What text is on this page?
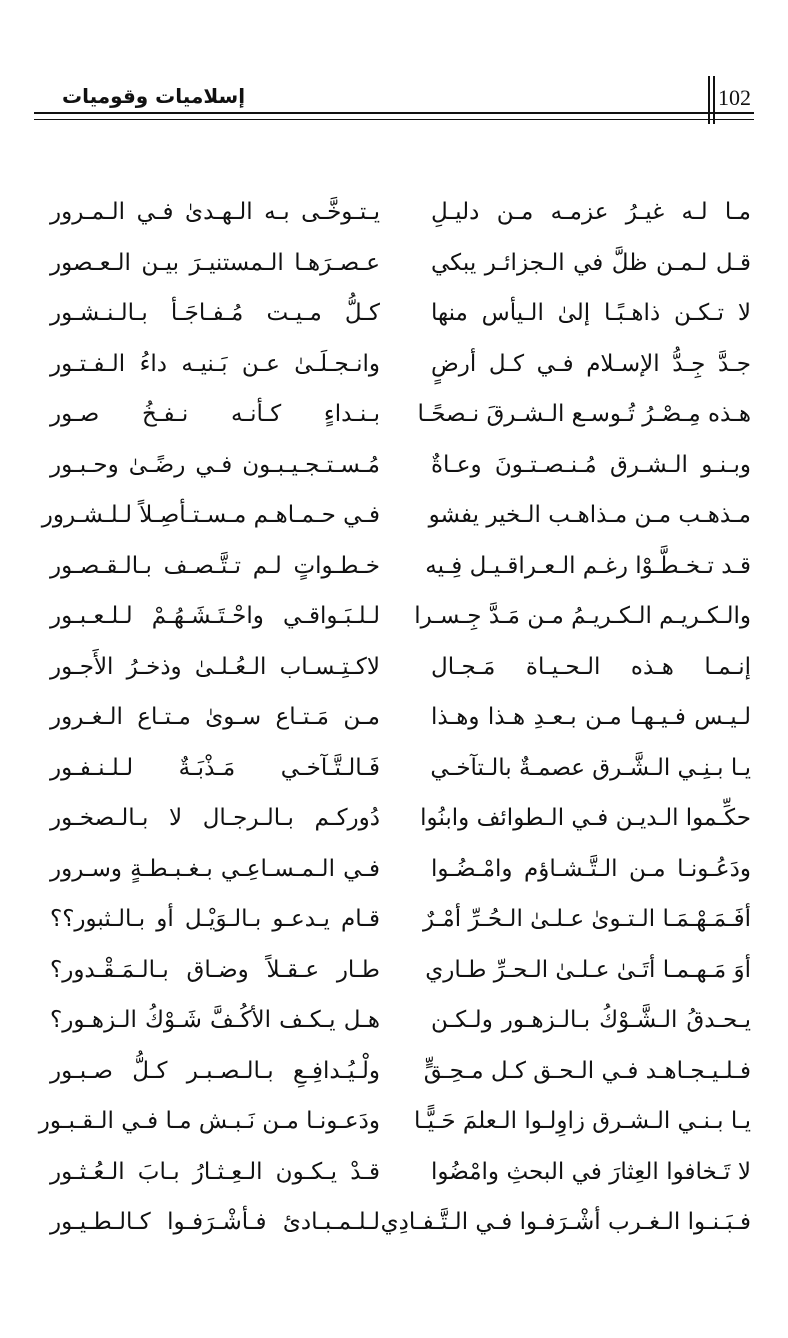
إسلاميات وقوميات	102
مـا لـه غيـرُ عزمـه مـن دليـلِ
يـتـوخَّـى بـه الـهـدىٰ فـي الـمـرور
قـل لـمـن ظلَّ في الـجزائـر يبكي
عـصـرَهـا الـمستنيـرَ بيـن الـعـصور
لا تـكـن ذاهـبًـا إلىٰ الـيأس منها
كـلُّ مـيـت مُـفـاجَـأ بـالـنـشـور
جـدَّ جِـدُّ الإسـلام فـي كـل أرضٍ
وانـجـلَـىٰ عـن بَـنيـه داءُ الـفـتـور
هـذه مِـصْـرُ تُـوسـع الـشـرقَ نـصحًـا
بـنـداءٍ كـأنـه نـفـخُ صـور
وبـنـو الـشـرق مُـنـصـتـونَ وعـاةٌ
مُـسـتـجـيـبـون فـي رضًـىٰ وحـبـور
مـذهـب مـن مـذاهـب الـخير يفشو
فـي حـمـاهـم مـسـتـأصِـلاً لـلـشـرور
قـد تـخـطَّـوْا رغـم الـعـراقـيـل فِـيه
خـطـواتٍ لـم تـتَّـصـف بـالـقـصـور
والـكـريـم الـكـريـمُ مـن مَـدَّ جِـسـرا
لـلـبَـواقـي واحْـتَـشَـهُـمْ لـلـعـبـور
إنـمـا هـذه الـحـيـاة مَـجـال
لاكـتِـسـاب الـعُـلـىٰ وذخـرُ الأَجـور
لـيـس فـيـهـا مـن بـعـدِ هـذا وهـذا
مـن مَـتـاع سـوىٰ مـتـاع الـغـرور
يـا بـنِـي الـشَّـرق عصمـةٌ بالـتآخـي
فَـالـتَّـآخـي مَـذْبَـةٌ لـلـنـفـور
حكِّـموا الـديـن فـي الـطوائف وابنُوا
دُوركـم بـالـرجـال لا بـالـصخـور
ودَعُـونـا مـن الـتَّـشـاؤم وامْـضُـوا
فـي الـمـسـاعِـي بـغـبـطـةٍ وسـرور
أفَـمَـهْـمَـا الـتـوىٰ عـلـىٰ الـحُـرِّ أمْـرٌ
قـام يـدعـو بـالـوَيْـل أو بـالـثبور؟؟
أوَ مَـهـمـا أتَـىٰ عـلـىٰ الـحـرِّ طـاري
طـار عـقـلاً وضـاق بـالـمَـقْـدور؟
يـحـدقُ الـشَّـوْكُ بـالـزهـور ولـكـن
هـل يـكـف الأكُـفَّ شَـوْكُ الـزهـور؟
فـلـيـجـاهـد فـي الـحـق كـل مـحِـقٍّ
ولْـيُـدافِـعِ بـالـصـبـر كـلُّ صـبـور
يـا بـنـي الـشـرق زاوِلـوا الـعلمَ حَـيًّـا
ودَعـونـا مـن نَـبـش مـا فـي الـقـبـور
لا تَـخافوا العِثارَ في البحثِ وامْضُوا
قـدْ يـكـون الـعِـثـارُ بـابَ الـعُـثـور
فـبَـنـوا الـغـرب أشْـرَفـوا فـي الـتَّـفـادِي
لـلـمـبـادئ فـأشْـرَفـوا كـالـطـيـور
